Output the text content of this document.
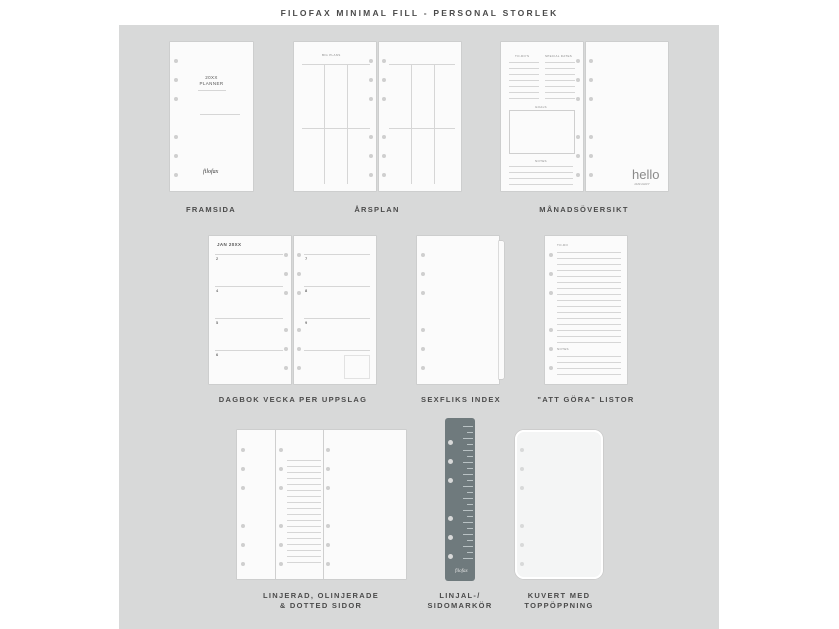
FILOFAX MINIMAL FILL - PERSONAL STORLEK
20XX
PLANNER
filofax
FRAMSIDA
BIG PLANS
ÅRSPLAN
TO-DO'S	SPECIAL DATES
GOALS
NOTES
hello
JANUARY
MÅNADSÖVERSIKT
JAN 20XX
2
4
5
6
7
8
9
DAGBOK VECKA PER UPPSLAG	SEXFLIKS INDEX
TO-DO
NOTES
"ATT GÖRA" LISTOR
LINJERAD, OLINJERADE
& DOTTED SIDOR
filofax
LINJAL-/
SIDOMARKÖR
KUVERT MED
TOPPÖPPNING
